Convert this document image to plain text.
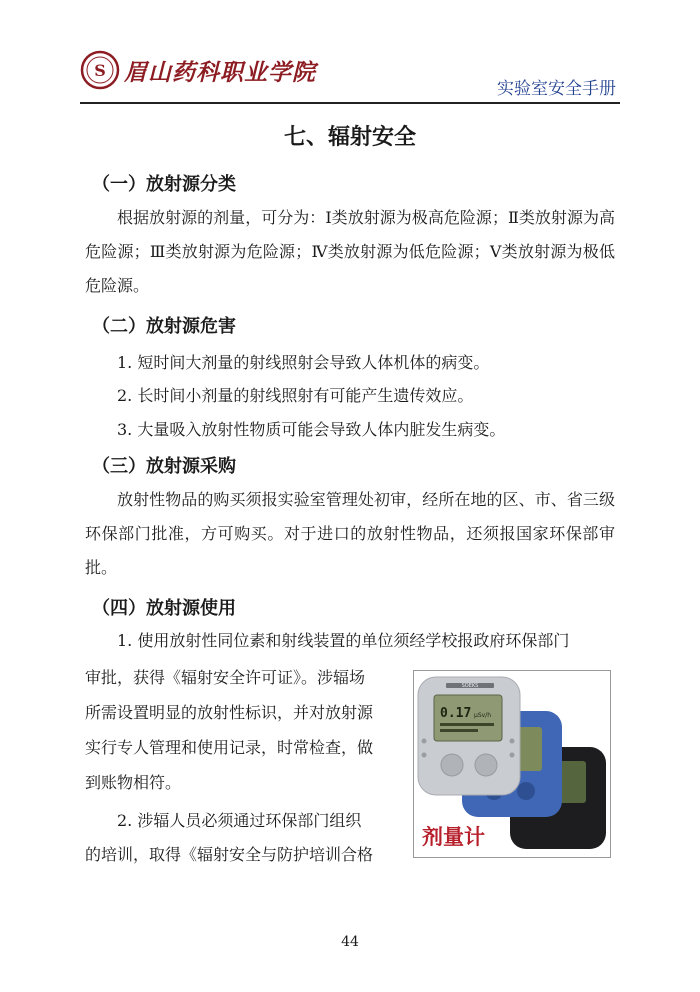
S 眉山药科职业学院
实验室安全手册
七、辐射安全
（一）放射源分类
根据放射源的剂量，可分为：Ⅰ类放射源为极高危险源；Ⅱ类放射源为高危险源；Ⅲ类放射源为危险源；Ⅳ类放射源为低危险源；Ⅴ类放射源为极低危险源。
（二）放射源危害
1. 短时间大剂量的射线照射会导致人体机体的病变。
2. 长时间小剂量的射线照射有可能产生遗传效应。
3. 大量吸入放射性物质可能会导致人体内脏发生病变。
（三）放射源采购
放射性物品的购买须报实验室管理处初审，经所在地的区、市、省三级环保部门批准，方可购买。对于进口的放射性物品，还须报国家环保部审批。
（四）放射源使用
1. 使用放射性同位素和射线装置的单位须经学校报政府环保部门
审批，获得《辐射安全许可证》。涉辐场
所需设置明显的放射性标识，并对放射源
实行专人管理和使用记录，时常检查，做
到账物相符。
2. 涉辐人员必须通过环保部门组织
的培训，取得《辐射安全与防护培训合格
SOEKS
0.17 μSv/h
剂量计
44
